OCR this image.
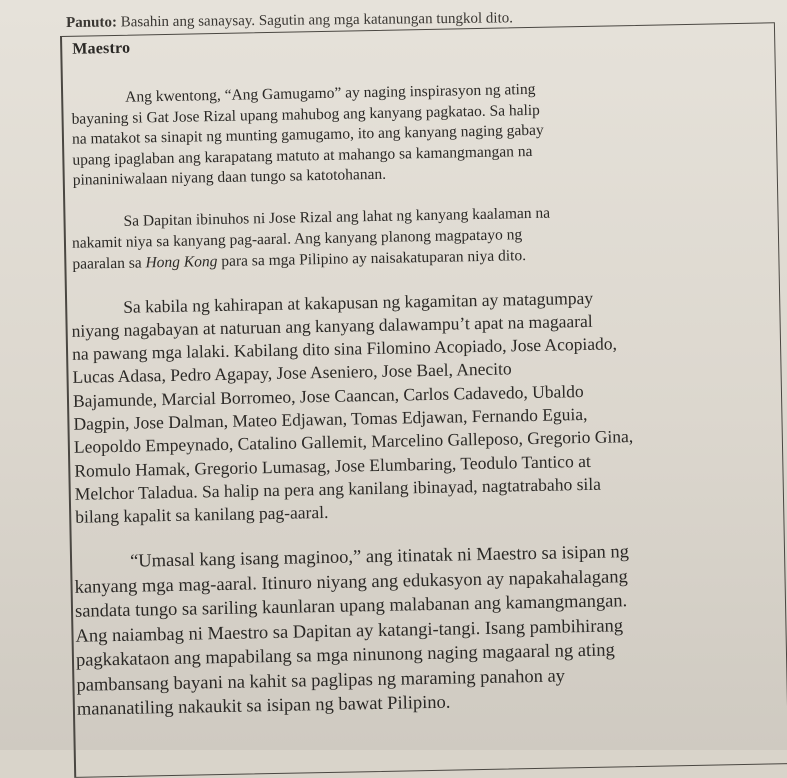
Panuto: Basahin ang sanaysay. Sagutin ang mga katanungan tungkol dito.
Maestro
Ang kwentong, “Ang Gamugamo” ay naging inspirasyon ng ating
bayaning si Gat Jose Rizal upang mahubog ang kanyang pagkatao. Sa halip
na matakot sa sinapit ng munting gamugamo, ito ang kanyang naging gabay
upang ipaglaban ang karapatang matuto at mahango sa kamangmangan na
pinaniniwalaan niyang daan tungo sa katotohanan.
Sa Dapitan ibinuhos ni Jose Rizal ang lahat ng kanyang kaalaman na
nakamit niya sa kanyang pag-aaral. Ang kanyang planong magpatayo ng
paaralan sa Hong Kong para sa mga Pilipino ay naisakatuparan niya dito.
Sa kabila ng kahirapan at kakapusan ng kagamitan ay matagumpay
niyang nagabayan at naturuan ang kanyang dalawampu’t apat na magaaral
na pawang mga lalaki. Kabilang dito sina Filomino Acopiado, Jose Acopiado,
Lucas Adasa, Pedro Agapay, Jose Aseniero, Jose Bael, Anecito
Bajamunde, Marcial Borromeo, Jose Caancan, Carlos Cadavedo, Ubaldo
Dagpin, Jose Dalman, Mateo Edjawan, Tomas Edjawan, Fernando Eguia,
Leopoldo Empeynado, Catalino Gallemit, Marcelino Galleposo, Gregorio Gina,
Romulo Hamak, Gregorio Lumasag, Jose Elumbaring, Teodulo Tantico at
Melchor Taladua. Sa halip na pera ang kanilang ibinayad, nagtatrabaho sila
bilang kapalit sa kanilang pag-aaral.
“Umasal kang isang maginoo,” ang itinatak ni Maestro sa isipan ng
kanyang mga mag-aaral. Itinuro niyang ang edukasyon ay napakahalagang
sandata tungo sa sariling kaunlaran upang malabanan ang kamangmangan.
Ang naiambag ni Maestro sa Dapitan ay katangi-tangi. Isang pambihirang
pagkakataon ang mapabilang sa mga ninunong naging magaaral ng ating
pambansang bayani na kahit sa paglipas ng maraming panahon ay
mananatiling nakaukit sa isipan ng bawat Pilipino.
